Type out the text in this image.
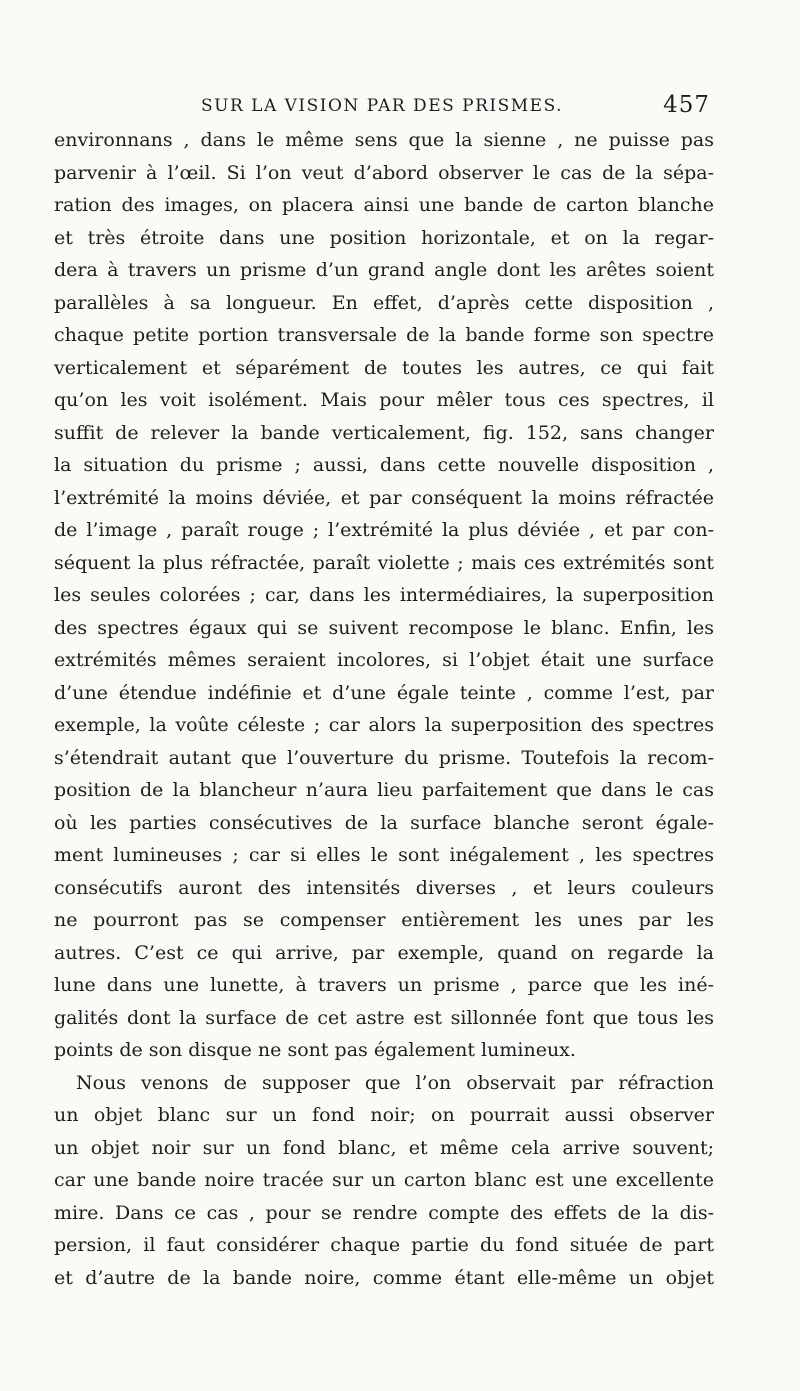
SUR LA VISION PAR DES PRISMES.	457
environnans , dans le même sens que la sienne , ne puisse pas
parvenir à l’œil. Si l’on veut d’abord observer le cas de la sépa-
ration des images, on placera ainsi une bande de carton blanche
et très étroite dans une position horizontale, et on la regar-
dera à travers un prisme d’un grand angle dont les arêtes soient
parallèles à sa longueur. En effet, d’après cette disposition ,
chaque petite portion transversale de la bande forme son spectre
verticalement et séparément de toutes les autres, ce qui fait
qu’on les voit isolément. Mais pour mêler tous ces spectres, il
suffit de relever la bande verticalement, fig. 152, sans changer
la situation du prisme ; aussi, dans cette nouvelle disposition ,
l’extrémité la moins déviée, et par conséquent la moins réfractée
de l’image , paraît rouge ; l’extrémité la plus déviée , et par con-
séquent la plus réfractée, paraît violette ; mais ces extrémités sont
les seules colorées ; car, dans les intermédiaires, la superposition
des spectres égaux qui se suivent recompose le blanc. Enfin, les
extrémités mêmes seraient incolores, si l’objet était une surface
d’une étendue indéfinie et d’une égale teinte , comme l’est, par
exemple, la voûte céleste ; car alors la superposition des spectres
s’étendrait autant que l’ouverture du prisme. Toutefois la recom-
position de la blancheur n’aura lieu parfaitement que dans le cas
où les parties consécutives de la surface blanche seront égale-
ment lumineuses ; car si elles le sont inégalement , les spectres
consécutifs auront des intensités diverses , et leurs couleurs
ne pourront pas se compenser entièrement les unes par les
autres. C’est ce qui arrive, par exemple, quand on regarde la
lune dans une lunette, à travers un prisme , parce que les iné-
galités dont la surface de cet astre est sillonnée font que tous les
points de son disque ne sont pas également lumineux.
Nous venons de supposer que l’on observait par réfraction
un objet blanc sur un fond noir; on pourrait aussi observer
un objet noir sur un fond blanc, et même cela arrive souvent;
car une bande noire tracée sur un carton blanc est une excellente
mire. Dans ce cas , pour se rendre compte des effets de la dis-
persion, il faut considérer chaque partie du fond située de part
et d’autre de la bande noire, comme étant elle-même un objet
